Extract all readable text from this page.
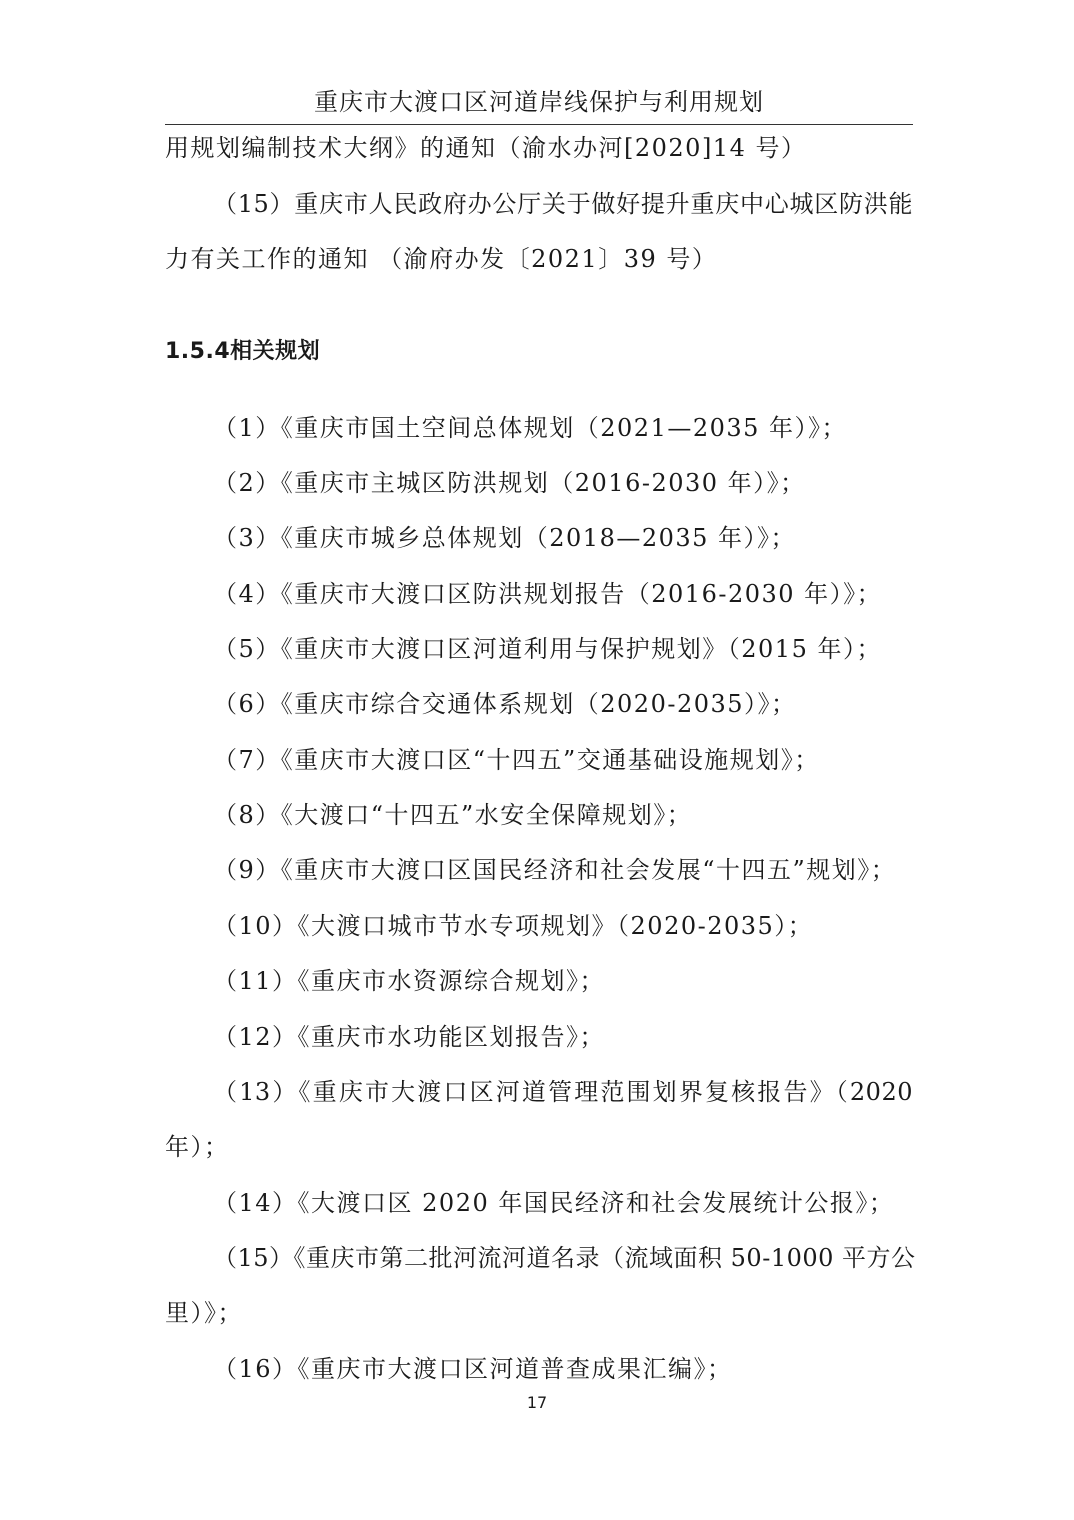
重庆市大渡口区河道岸线保护与利用规划
用规划编制技术大纲》的通知（渝水办河[2020]14 号）
（15）重庆市人民政府办公厅关于做好提升重庆中心城区防洪能
力有关工作的通知 （渝府办发〔2021〕39 号）
1.5.4相关规划
（1）《重庆市国土空间总体规划（2021—2035 年）》；
（2）《重庆市主城区防洪规划（2016-2030 年）》；
（3）《重庆市城乡总体规划（2018—2035 年）》；
（4）《重庆市大渡口区防洪规划报告（2016-2030 年）》；
（5）《重庆市大渡口区河道利用与保护规划》（2015 年）；
（6）《重庆市综合交通体系规划（2020-2035）》；
（7）《重庆市大渡口区“十四五”交通基础设施规划》；
（8）《大渡口“十四五”水安全保障规划》；
（9）《重庆市大渡口区国民经济和社会发展“十四五”规划》；
（10）《大渡口城市节水专项规划》（2020-2035）；
（11）《重庆市水资源综合规划》；
（12）《重庆市水功能区划报告》；
（13）《重庆市大渡口区河道管理范围划界复核报告》（2020
年）；
（14）《大渡口区 2020 年国民经济和社会发展统计公报》；
（15）《重庆市第二批河流河道名录（流域面积 50-1000 平方公
里）》；
（16）《重庆市大渡口区河道普查成果汇编》；
17
